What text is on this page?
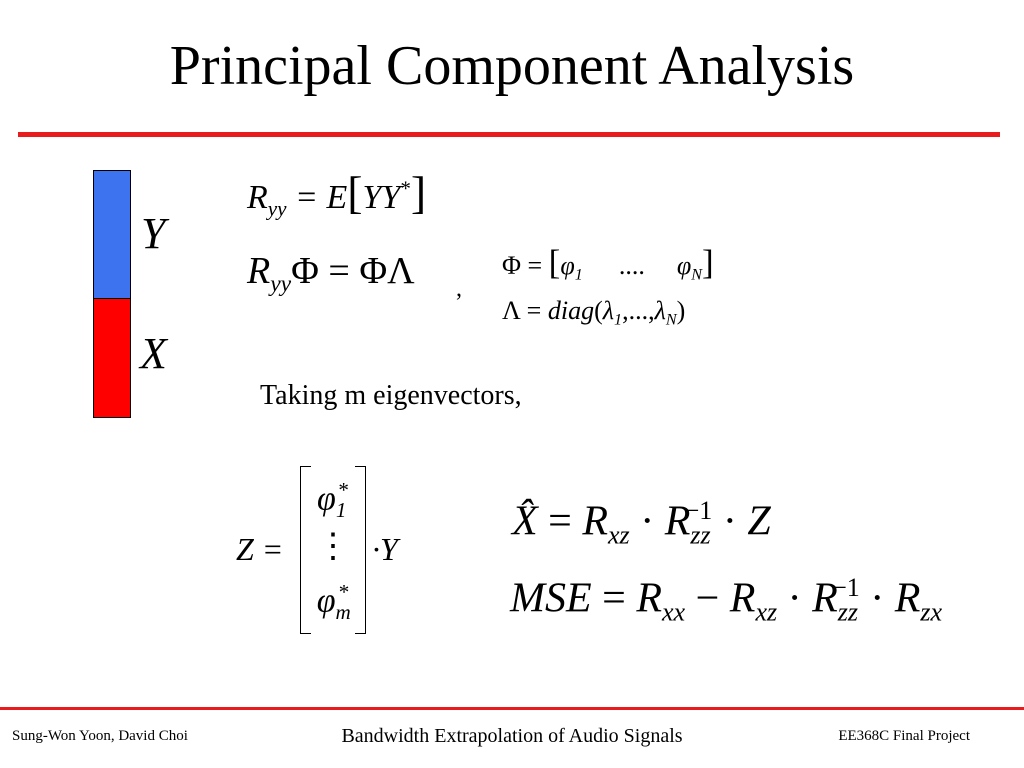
Principal Component Analysis
Y
X
$R_{yy} = E[YY^*]$
$R_{yy}\Phi = \Phi\Lambda$ ,
$\Phi = [\varphi_1$ .... $\varphi_N$]
$\Lambda = diag(\lambda_1,...,\lambda_N)$
Taking m eigenvectors,
Z =
$\varphi_1^*$
⋮
$\varphi_m^*$
·Y
X̂ = $R_{xz} \cdot R_{zz}^{-1} \cdot Z$
MSE = $R_{xx} - R_{xz} \cdot R_{zz}^{-1} \cdot R_{zx}$
Sung-Won Yoon, David Choi	Bandwidth Extrapolation of Audio Signals	EE368C Final Project
